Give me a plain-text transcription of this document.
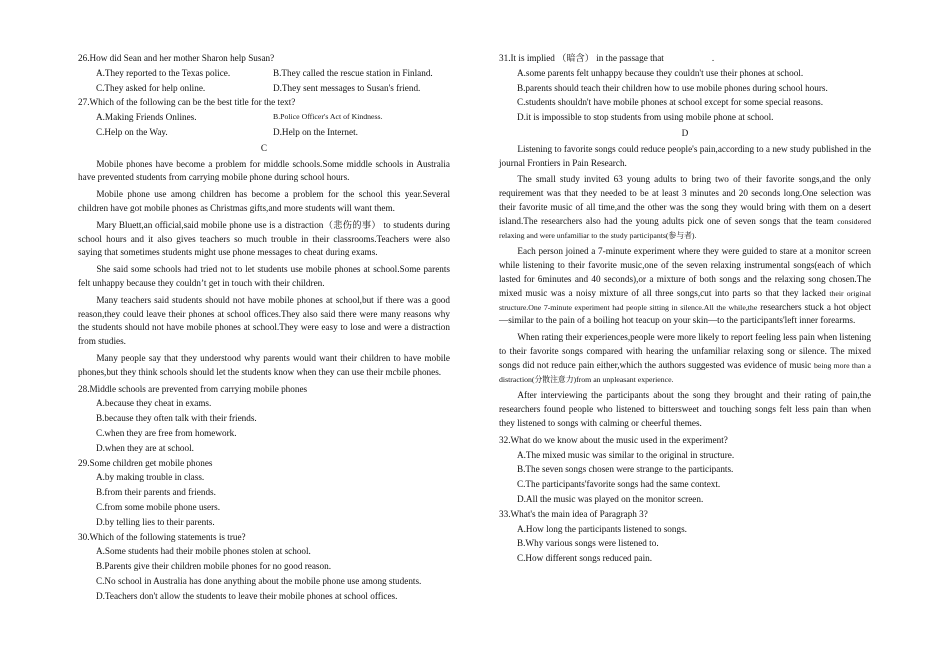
26.How did Sean and her mother Sharon help Susan?

A.They reported to the Texas police.	B.They called the rescue station in Finland.
C.They asked for help online.	D.They sent messages to Susan's friend.

27.Which of the following can be the best title for the text?

A.Making Friends Onlines.	B.Police Officer's Act of Kindness.
C.Help on the Way.	D.Help on the Internet.

C

Mobile phones have become a problem for middle schools.Some middle schools in Australia have prevented students from carrying mobile phone during school hours.

Mobile phone use among children has become a problem for the school this year.Several children have got mobile phones as Christmas gifts,and more students will want them.

Mary Bluett,an official,said mobile phone use is a distraction（悲伤的事） to students during school hours and it also gives teachers so much trouble in their classrooms.Teachers were also saying that sometimes students might use phone messages to cheat during exams.

She said some schools had tried not to let students use mobile phones at school.Some parents felt unhappy because they couldn’t get in touch with their children.

Many teachers said students should not have mobile phones at school,but if there was a good reason,they could leave their phones at school offices.They also said there were many reasons why the students should not have mobile phones at school.They were easy to lose and were a distraction from studies.

Many people say that they understood why parents would want their children to have mobile phones,but they think schools should let the students know when they can use their mcbile phones.

28.Middle schools are prevented from carrying mobile phones

A.because they cheat in exams.

B.because they often talk with their friends.

C.when they are free from homework.

D.when they are at school.

29.Some children get mobile phones

A.by making trouble in class.

B.from their parents and friends.

C.from some mobile phone users.

D.by telling lies to their parents.

30.Which of the following statements is true?

A.Some students had their mobile phones stolen at school.

B.Parents give their children mobile phones for no good reason.

C.No school in Australia has done anything about the mobile phone use among students.

D.Teachers don't allow the students to leave their mobile phones at school offices.

31.It is implied （暗含） in the passage that	.

A.some parents felt unhappy because they couldn't use their phones at school.

B.parents should teach their children how to use mobile phones during school hours.

C.students shouldn't have mobile phones at school except for some special reasons.

D.it is impossible to stop students from using mobile phone at school.

D

Listening to favorite songs could reduce people's pain,according to a new study published in the journal Frontiers in Pain Research.

The small study invited 63 young adults to bring two of their favorite songs,and the only requirement was that they needed to be at least 3 minutes and 20 seconds long.One selection was their favorite music of all time,and the other was the song they would bring with them on a desert island.The researchers also had the young adults pick one of seven songs that the team considered relaxing and were unfamiliar to the study participants(参与者).

Each person joined a 7-minute experiment where they were guided to stare at a monitor screen while listening to their favorite music,one of the seven relaxing instrumental songs(each of which lasted for 6minutes and 40 seconds),or a mixture of both songs and the relaxing song chosen.The mixed music was a noisy mixture of all three songs,cut into parts so that they lacked their original structure.One 7-minute experiment had people sitting in silence.All the while,the researchers stuck a hot object—similar to the pain of a boiling hot teacup on your skin—to the participants'left inner forearms.

When rating their experiences,people were more likely to report feeling less pain when listening to their favorite songs compared with hearing the unfamiliar relaxing song or silence. The mixed songs did not reduce pain either,which the authors suggested was evidence of music being more than a distraction(分散注意力)from an unpleasant experience.

After interviewing the participants about the song they brought and their rating of pain,the researchers found people who listened to bittersweet and touching songs felt less pain than when they listened to songs with calming or cheerful themes.

32.What do we know about the music used in the experiment?

A.The mixed music was similar to the original in structure.

B.The seven songs chosen were strange to the participants.

C.The participants'favorite songs had the same context.

D.All the music was played on the monitor screen.

33.What's the main idea of Paragraph 3?

A.How long the participants listened to songs.

B.Why various songs were listened to.

C.How different songs reduced pain.
